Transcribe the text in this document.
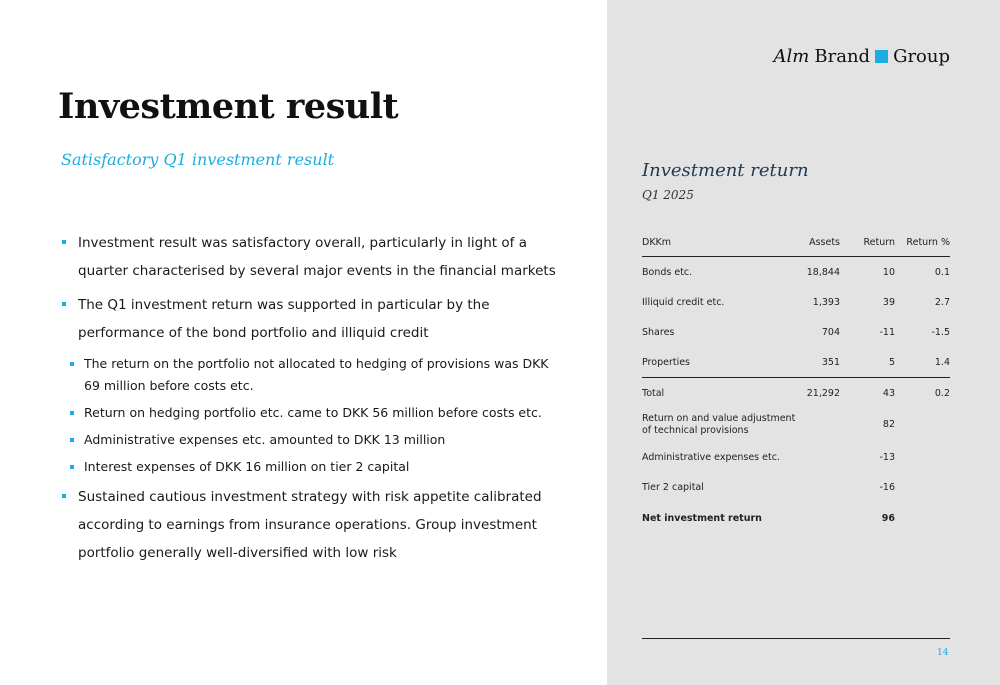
Investment result
Satisfactory Q1 investment result
Investment result was satisfactory overall, particularly in light of a quarter characterised by several major events in the financial markets
The Q1 investment return was supported in particular by the performance of the bond portfolio and illiquid credit
The return on the portfolio not allocated to hedging of provisions was DKK 69 million before costs etc.
Return on hedging portfolio etc. came to DKK 56 million before costs etc.
Administrative expenses etc. amounted to DKK 13 million
Interest expenses of DKK 16 million on tier 2 capital
Sustained cautious investment strategy with risk appetite calibrated according to earnings from insurance operations. Group investment portfolio generally well-diversified with low risk
Alm Brand Group
Investment return
Q1 2025
DKKm	Assets	Return	Return %
Bonds etc.	18,844	10	0.1
Illiquid credit etc.	1,393	39	2.7
Shares	704	-11	-1.5
Properties	351	5	1.4
Total	21,292	43	0.2
Return on and value adjustment of technical provisions		82	
Administrative expenses etc.		-13	
Tier 2 capital		-16	
Net investment return		96	
14
